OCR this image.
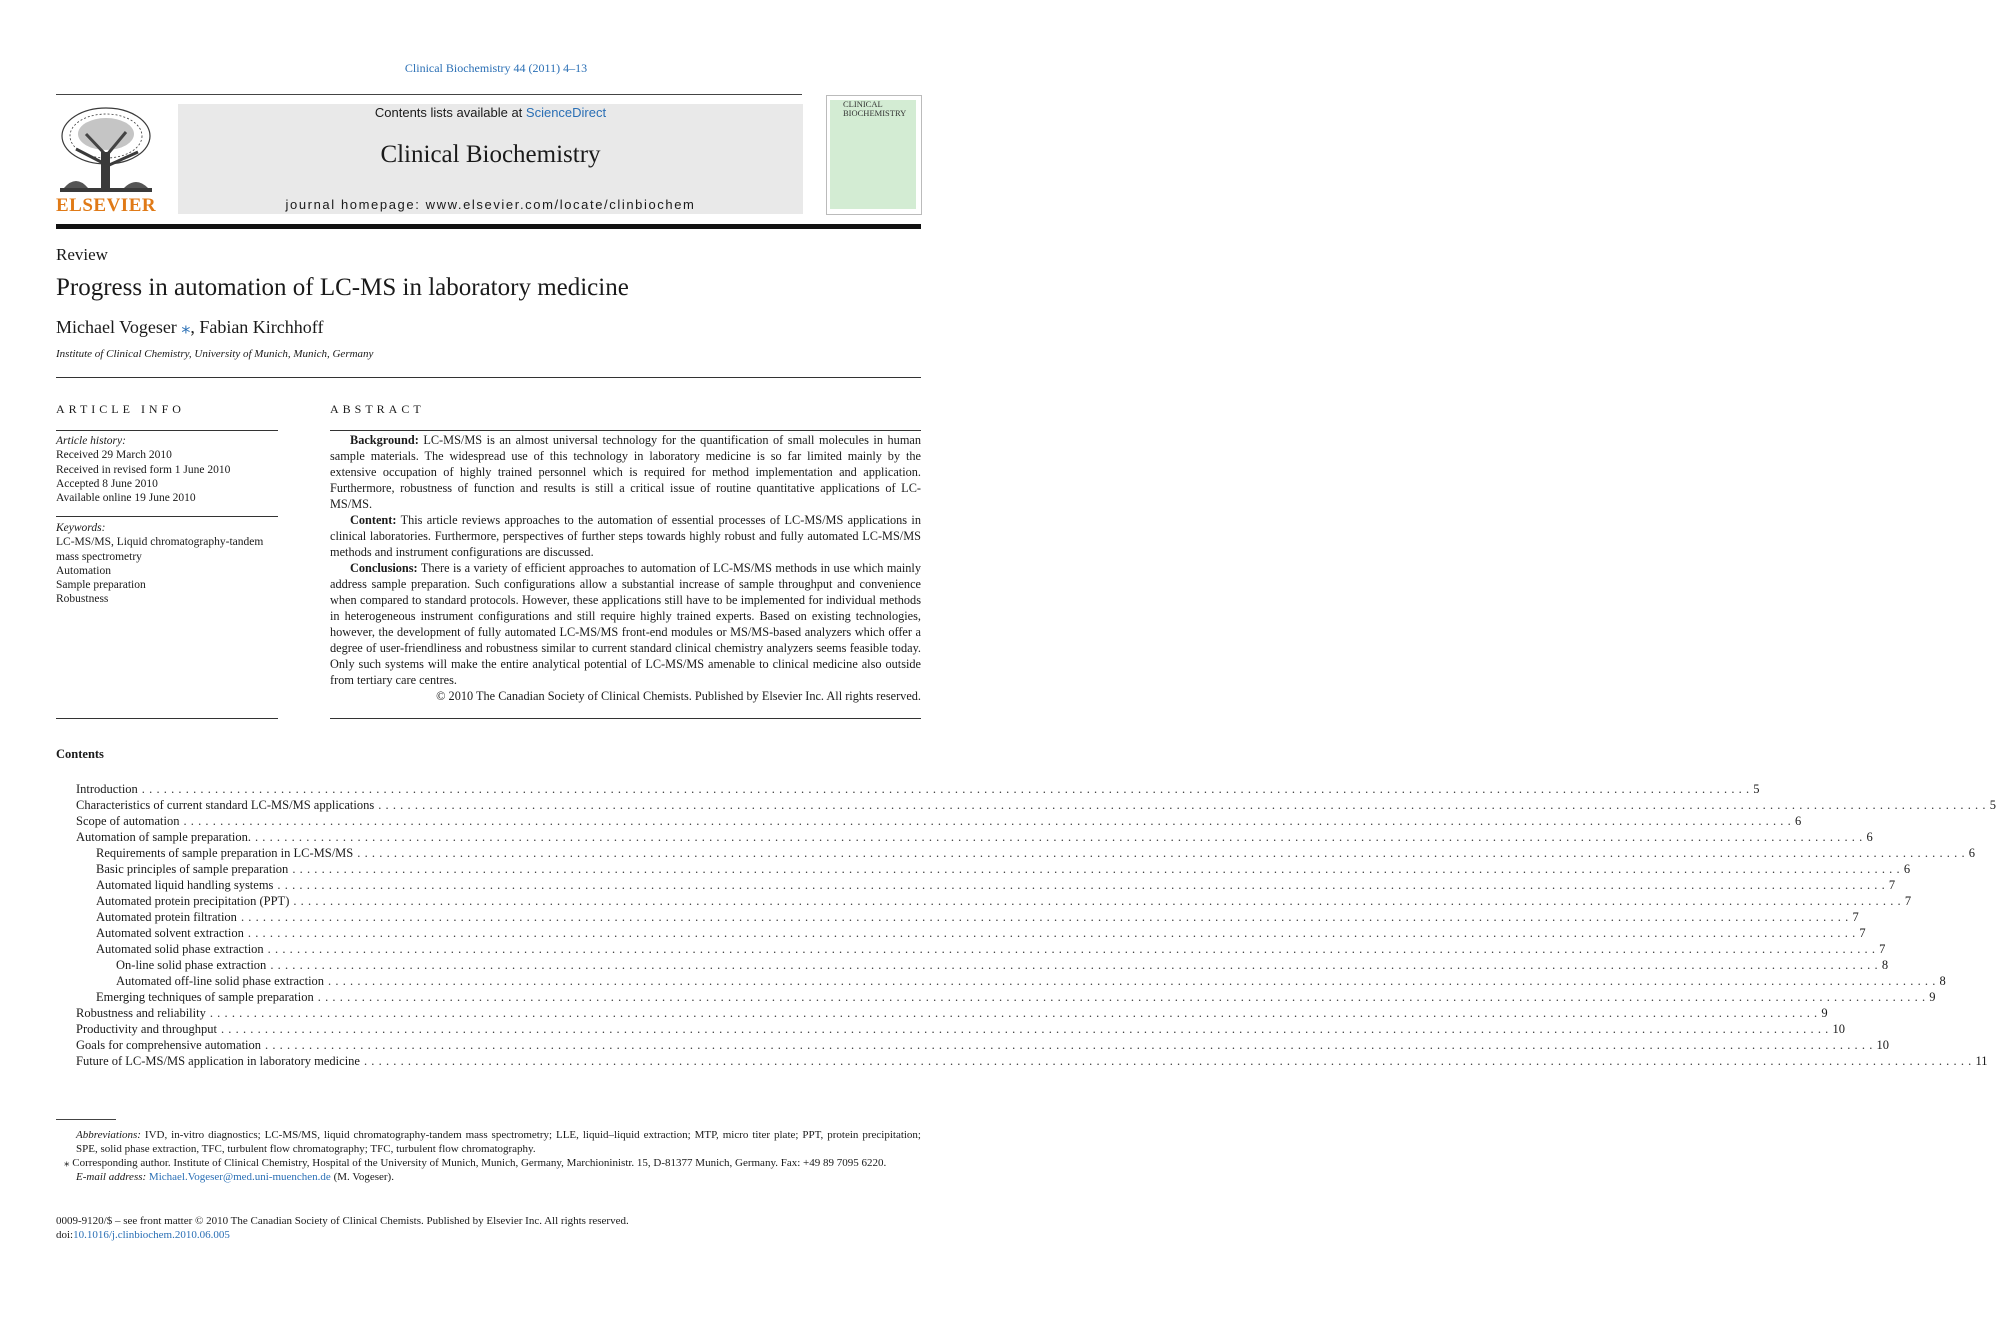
Clinical Biochemistry 44 (2011) 4–13
ELSEVIER
Contents lists available at ScienceDirect
Clinical Biochemistry
journal homepage: www.elsevier.com/locate/clinbiochem
CLINICAL
BIOCHEMISTRY
Review
Progress in automation of LC-MS in laboratory medicine
Michael Vogeser ⁎, Fabian Kirchhoff
Institute of Clinical Chemistry, University of Munich, Munich, Germany
ARTICLE INFO
Article history:
Received 29 March 2010
Received in revised form 1 June 2010
Accepted 8 June 2010
Available online 19 June 2010
Keywords:
LC-MS/MS, Liquid chromatography-tandem
mass spectrometry
Automation
Sample preparation
Robustness
ABSTRACT

Background: LC-MS/MS is an almost universal technology for the quantification of small molecules in human sample materials. The widespread use of this technology in laboratory medicine is so far limited mainly by the extensive occupation of highly trained personnel which is required for method implementation and application. Furthermore, robustness of function and results is still a critical issue of routine quantitative applications of LC-MS/MS.

Content: This article reviews approaches to the automation of essential processes of LC-MS/MS applications in clinical laboratories. Furthermore, perspectives of further steps towards highly robust and fully automated LC-MS/MS methods and instrument configurations are discussed.

Conclusions: There is a variety of efficient approaches to automation of LC-MS/MS methods in use which mainly address sample preparation. Such configurations allow a substantial increase of sample throughput and convenience when compared to standard protocols. However, these applications still have to be implemented for individual methods in heterogeneous instrument configurations and still require highly trained experts. Based on existing technologies, however, the development of fully automated LC-MS/MS front-end modules or MS/MS-based analyzers which offer a degree of user-friendliness and robustness similar to current standard clinical chemistry analyzers seems feasible today. Only such systems will make the entire analytical potential of LC-MS/MS amenable to clinical medicine also outside from tertiary care centres.

© 2010 The Canadian Society of Clinical Chemists. Published by Elsevier Inc. All rights reserved.

Contents
Introduction ............................................................................................................................................................................................................................ 5
Characteristics of current standard LC-MS/MS applications ............................................................................................................................................................................................................................ 5
Scope of automation ............................................................................................................................................................................................................................ 6
Automation of sample preparation. ............................................................................................................................................................................................................................ 6
Requirements of sample preparation in LC-MS/MS ............................................................................................................................................................................................................................ 6
Basic principles of sample preparation ............................................................................................................................................................................................................................ 6
Automated liquid handling systems ............................................................................................................................................................................................................................ 7
Automated protein precipitation (PPT) ............................................................................................................................................................................................................................ 7
Automated protein filtration ............................................................................................................................................................................................................................ 7
Automated solvent extraction ............................................................................................................................................................................................................................ 7
Automated solid phase extraction ............................................................................................................................................................................................................................ 7
On-line solid phase extraction ............................................................................................................................................................................................................................ 8
Automated off-line solid phase extraction ............................................................................................................................................................................................................................ 8
Emerging techniques of sample preparation ............................................................................................................................................................................................................................ 9
Robustness and reliability ............................................................................................................................................................................................................................ 9
Productivity and throughput ............................................................................................................................................................................................................................ 10
Goals for comprehensive automation ............................................................................................................................................................................................................................ 10
Future of LC-MS/MS application in laboratory medicine ............................................................................................................................................................................................................................ 11
Abbreviations: IVD, in-vitro diagnostics; LC-MS/MS, liquid chromatography-tandem mass spectrometry; LLE, liquid–liquid extraction; MTP, micro titer plate; PPT, protein precipitation; SPE, solid phase extraction, TFC, turbulent flow chromatography; TFC, turbulent flow chromatography.
⁎ Corresponding author. Institute of Clinical Chemistry, Hospital of the University of Munich, Munich, Germany, Marchioninistr. 15, D-81377 Munich, Germany. Fax: +49 89 7095 6220.
E-mail address: Michael.Vogeser@med.uni-muenchen.de (M. Vogeser).
0009-9120/$ – see front matter © 2010 The Canadian Society of Clinical Chemists. Published by Elsevier Inc. All rights reserved.
doi:10.1016/j.clinbiochem.2010.06.005
